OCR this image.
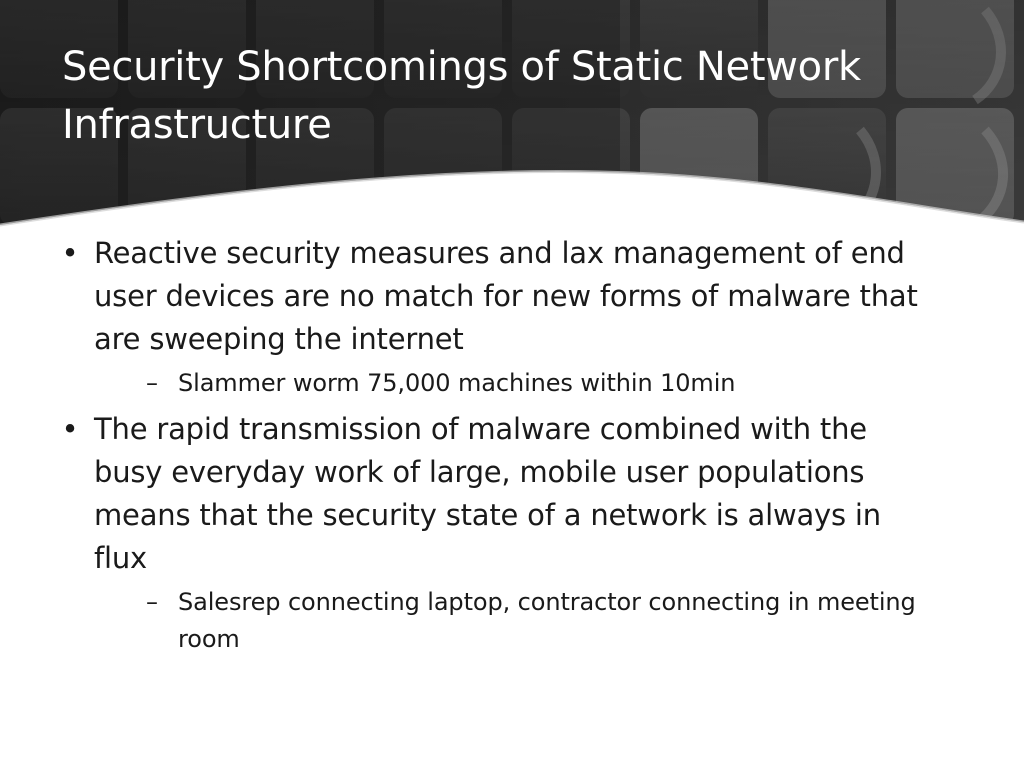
Security Shortcomings of Static Network Infrastructure
• Reactive security measures and lax management of end user devices are no match for new forms of malware that are sweeping the internet
– Slammer worm 75,000 machines within 10min
• The rapid transmission of malware combined with the busy everyday work of large, mobile user populations means that the security state of a network is always in flux
– Salesrep connecting laptop, contractor connecting in meeting room
